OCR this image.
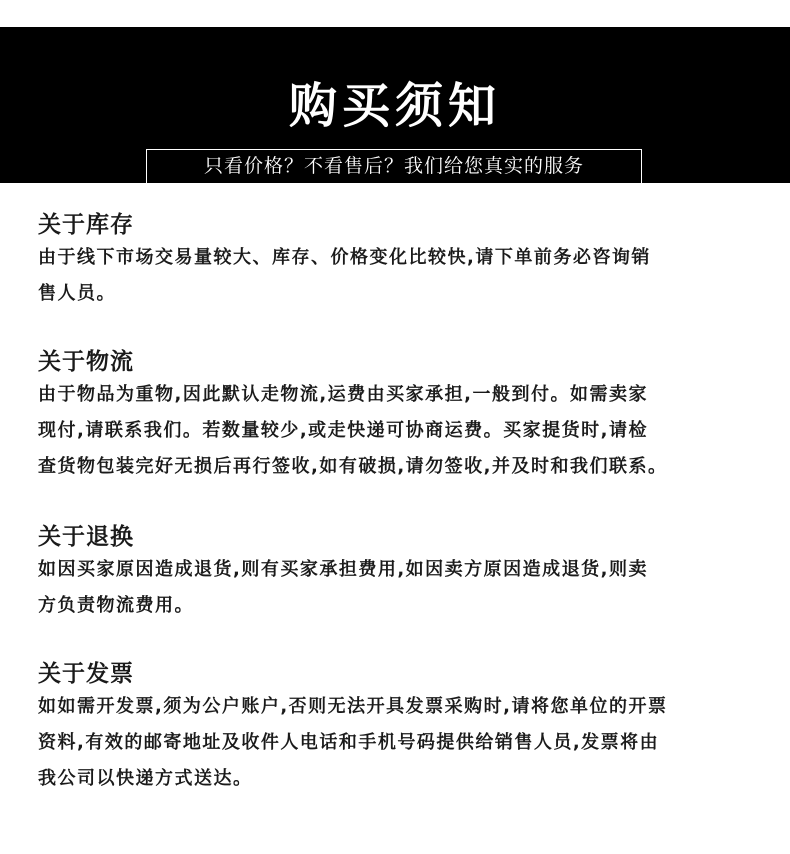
购买须知
只看价格？不看售后？我们给您真实的服务
关于库存
由于线下市场交易量较大、库存、价格变化比较快,请下单前务必咨询销
售人员。
关于物流
由于物品为重物,因此默认走物流,运费由买家承担,一般到付。如需卖家
现付,请联系我们。若数量较少,或走快递可协商运费。买家提货时,请检
查货物包装完好无损后再行签收,如有破损,请勿签收,并及时和我们联系。
关于退换
如因买家原因造成退货,则有买家承担费用,如因卖方原因造成退货,则卖
方负责物流费用。
关于发票
如如需开发票,须为公户账户,否则无法开具发票采购时,请将您单位的开票
资料,有效的邮寄地址及收件人电话和手机号码提供给销售人员,发票将由
我公司以快递方式送达。
